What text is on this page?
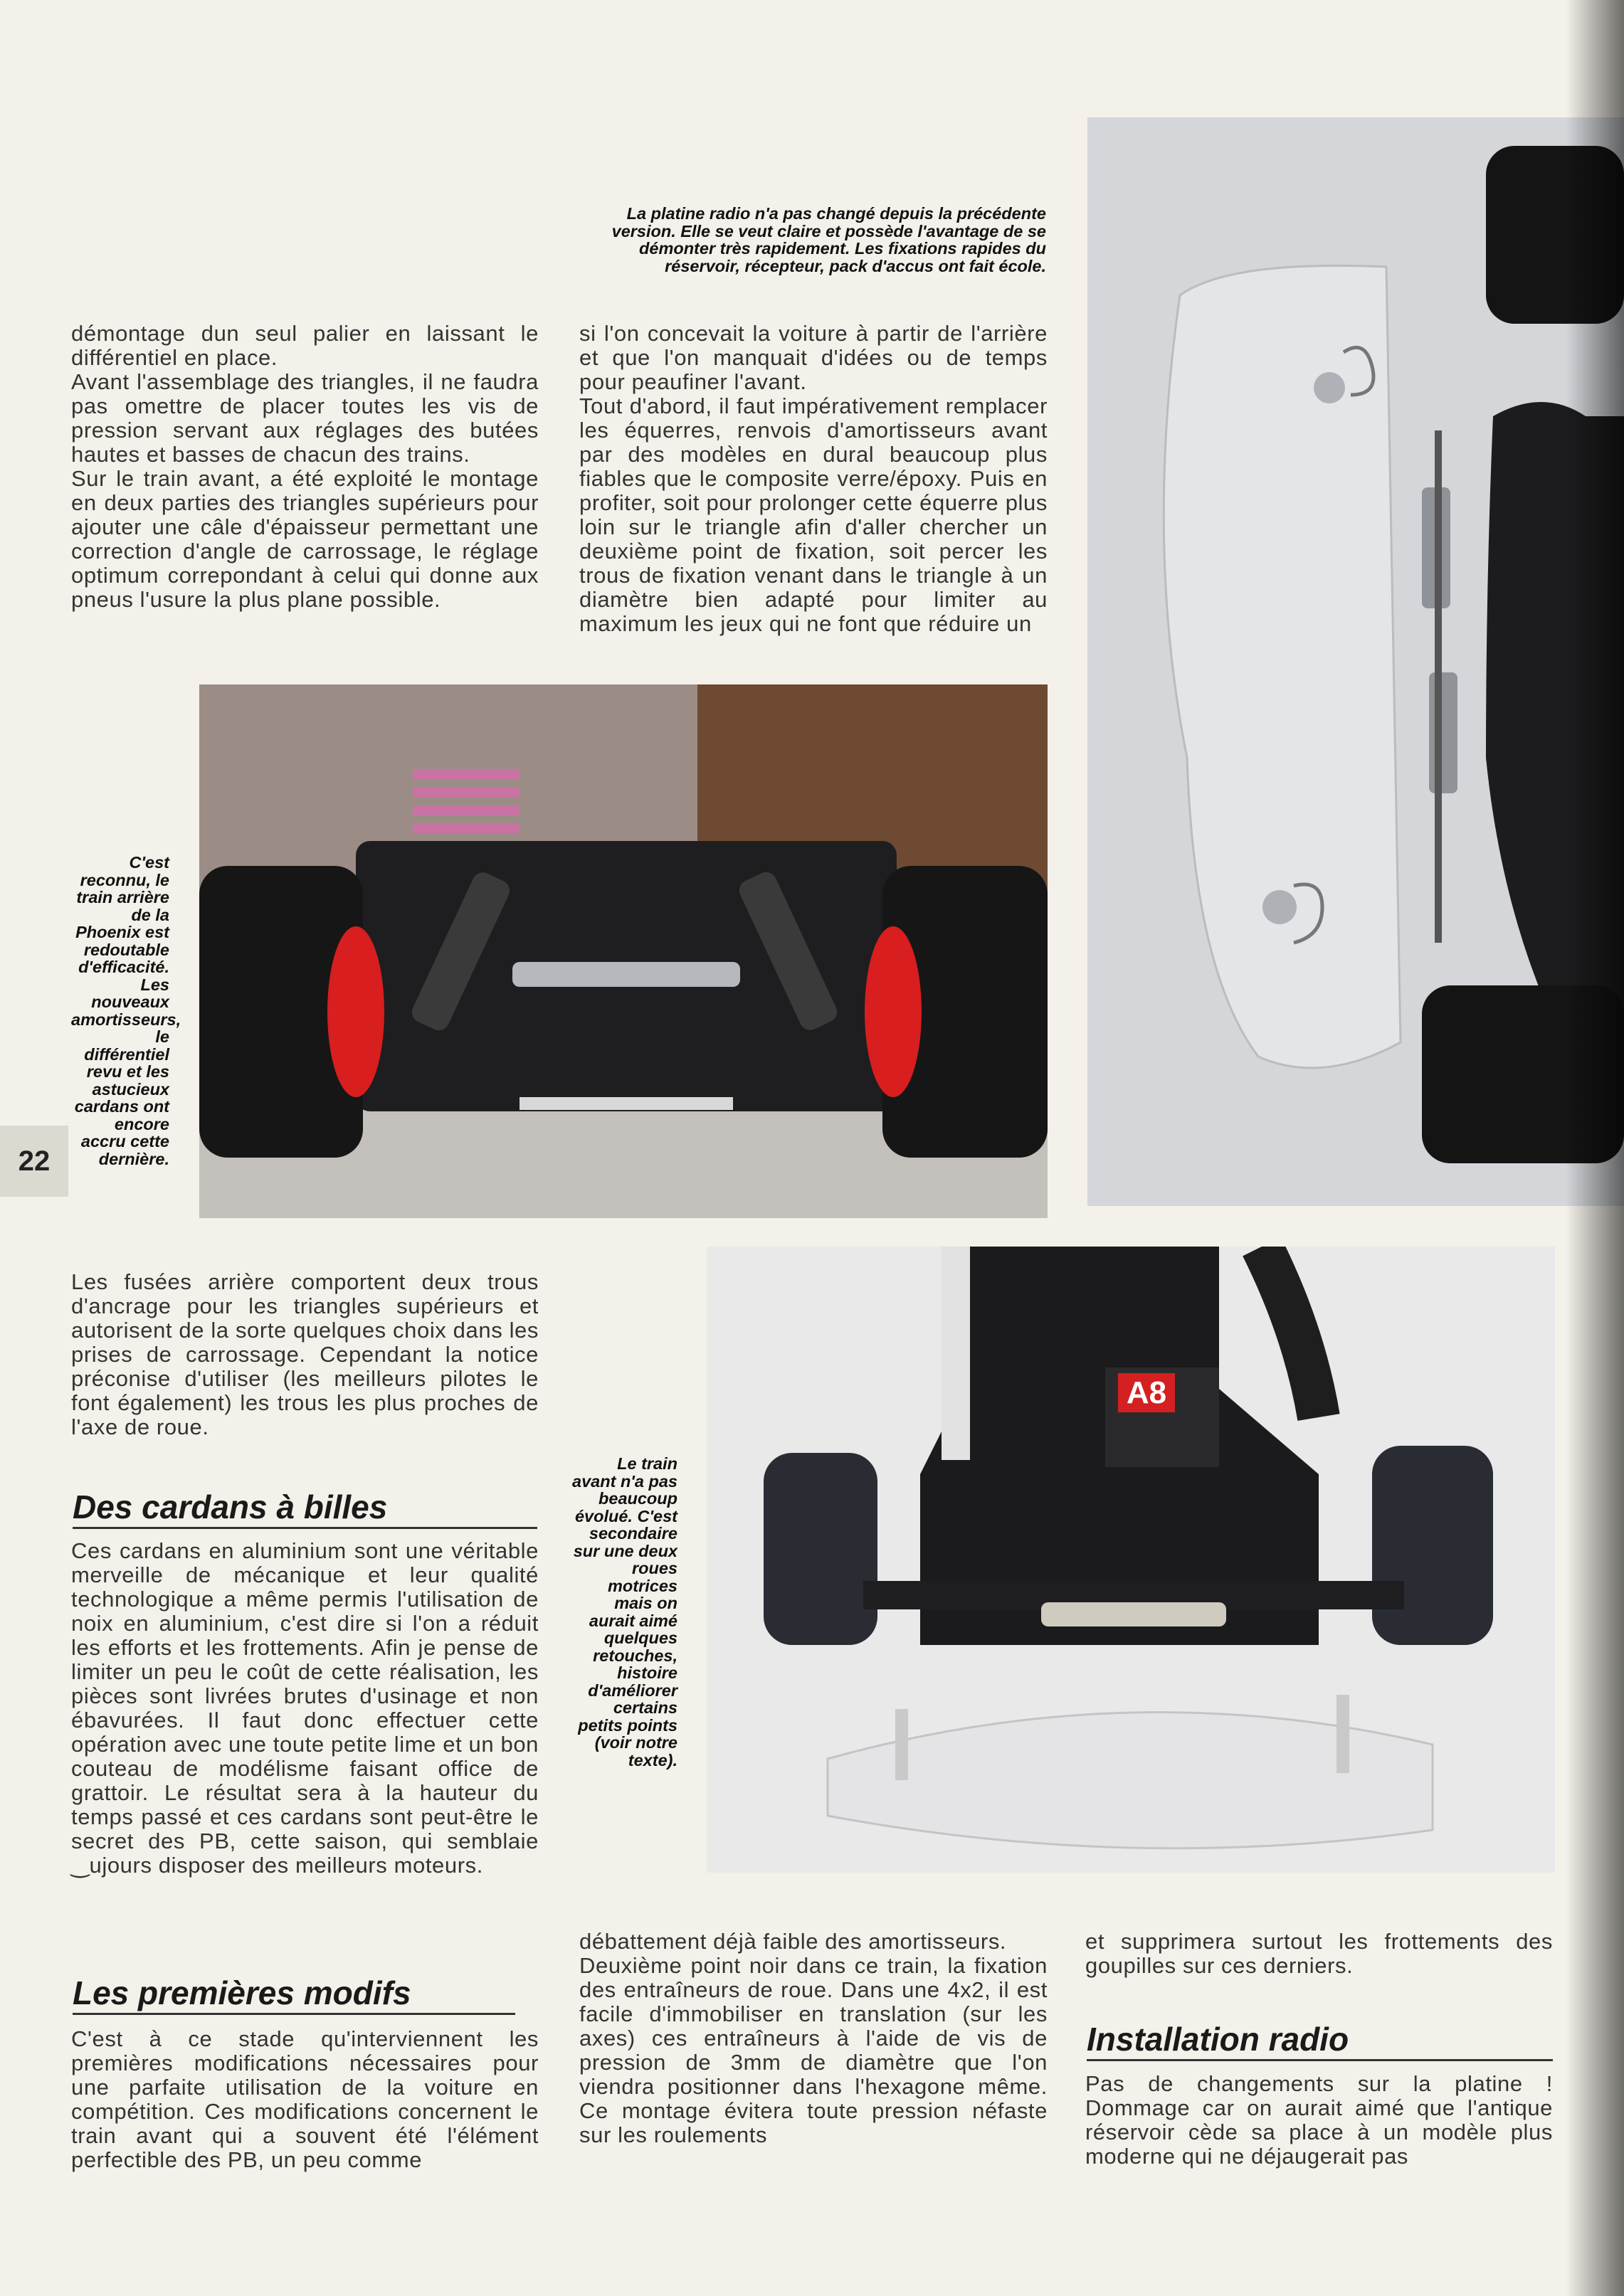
La platine radio n'a pas changé depuis la précédente version. Elle se veut claire et possède l'avantage de se démonter très rapidement. Les fixations rapides du réservoir, récepteur, pack d'accus ont fait école.

démontage dun seul palier en laissant le différentiel en place.

Avant l'assemblage des triangles, il ne faudra pas omettre de placer toutes les vis de pression servant aux réglages des butées hautes et basses de chacun des trains.

Sur le train avant, a été exploité le montage en deux parties des triangles supérieurs pour ajouter une câle d'épaisseur permettant une correction d'angle de carrossage, le réglage optimum correpondant à celui qui donne aux pneus l'usure la plus plane possible.

si l'on concevait la voiture à partir de l'arrière et que l'on manquait d'idées ou de temps pour peaufiner l'avant.

Tout d'abord, il faut impérativement remplacer les équerres, renvois d'amortisseurs avant par des modèles en dural beaucoup plus fiables que le composite verre/époxy. Puis en profiter, soit pour prolonger cette équerre plus loin sur le triangle afin d'aller chercher un deuxième point de fixation, soit percer les trous de fixation venant dans le triangle à un diamètre bien adapté pour limiter au maximum les jeux qui ne font que réduire un

C'est reconnu, le train arrière de la Phoenix est redoutable d'efficacité. Les nouveaux amortisseurs, le différentiel revu et les astucieux cardans ont encore accru cette dernière.
22

Les fusées arrière comportent deux trous d'ancrage pour les triangles supérieurs et autorisent de la sorte quelques choix dans les prises de carrossage. Cependant la notice préconise d'utiliser (les meilleurs pilotes le font également) les trous les plus proches de l'axe de roue.

Des cardans à billes

Ces cardans en aluminium sont une véritable merveille de mécanique et leur qualité technologique a même permis l'utilisation de noix en aluminium, c'est dire si l'on a réduit les efforts et les frottements. Afin je pense de limiter un peu le coût de cette réalisation, les pièces sont livrées brutes d'usinage et non ébavurées. Il faut donc effectuer cette opération avec une toute petite lime et un bon couteau de modélisme faisant office de grattoir. Le résultat sera à la hauteur du temps passé et ces cardans sont peut-être le secret des PB, cette saison, qui semblaie ‿ujours disposer des meilleurs moteurs.

Les premières modifs

C'est à ce stade qu'interviennent les premières modifications nécessaires pour une parfaite utilisation de la voiture en compétition. Ces modifications concernent le train avant qui a souvent été l'élément perfectible des PB, un peu comme

Le train avant n'a pas beaucoup évolué. C'est secondaire sur une deux roues motrices mais on aurait aimé quelques retouches, histoire d'améliorer certains petits points (voir notre texte).
A8

débattement déjà faible des amortisseurs.

Deuxième point noir dans ce train, la fixation des entraîneurs de roue. Dans une 4x2, il est facile d'immobiliser en translation (sur les axes) ces entraîneurs à l'aide de vis de pression de 3mm de diamètre que l'on viendra positionner dans l'hexagone même. Ce montage évitera toute pression néfaste sur les roulements

et supprimera surtout les frottements des goupilles sur ces derniers.

Installation radio

Pas de changements sur la platine ! Dommage car on aurait aimé que l'antique réservoir cède sa place à un modèle plus moderne qui ne déjaugerait pas
